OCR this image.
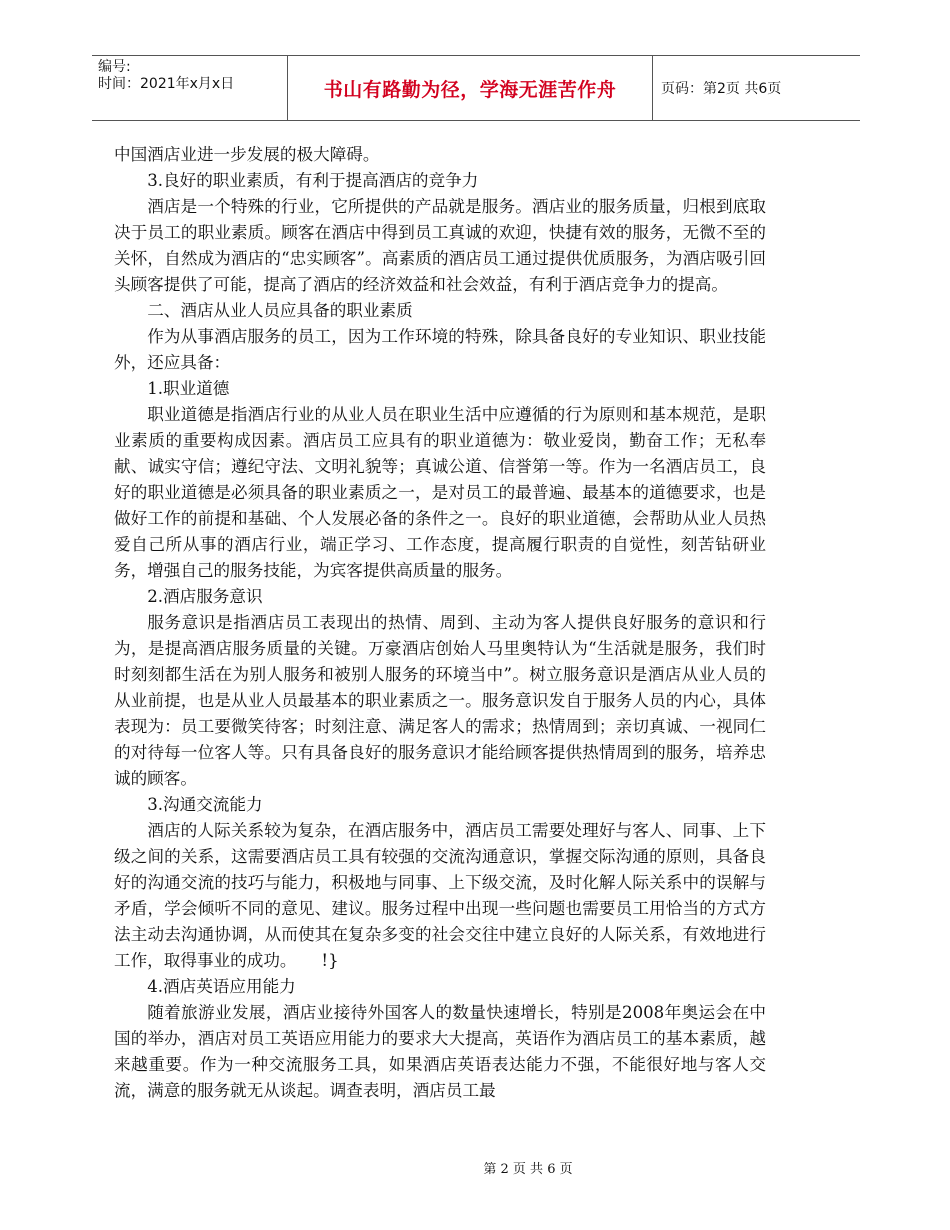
编号:
时间：2021年x月x日	书山有路勤为径，学海无涯苦作舟	页码：第2页 共6页

中国酒店业进一步发展的极大障碍。

3.良好的职业素质，有利于提高酒店的竞争力

酒店是一个特殊的行业，它所提供的产品就是服务。酒店业的服务质量，归根到底取决于员工的职业素质。顾客在酒店中得到员工真诚的欢迎，快捷有效的服务，无微不至的关怀，自然成为酒店的“忠实顾客”。高素质的酒店员工通过提供优质服务，为酒店吸引回头顾客提供了可能，提高了酒店的经济效益和社会效益，有利于酒店竞争力的提高。

二、酒店从业人员应具备的职业素质

作为从事酒店服务的员工，因为工作环境的特殊，除具备良好的专业知识、职业技能外，还应具备：

1.职业道德

职业道德是指酒店行业的从业人员在职业生活中应遵循的行为原则和基本规范，是职业素质的重要构成因素。酒店员工应具有的职业道德为：敬业爱岗，勤奋工作；无私奉献、诚实守信；遵纪守法、文明礼貌等；真诚公道、信誉第一等。作为一名酒店员工，良好的职业道德是必须具备的职业素质之一，是对员工的最普遍、最基本的道德要求，也是做好工作的前提和基础、个人发展必备的条件之一。良好的职业道德，会帮助从业人员热爱自己所从事的酒店行业，端正学习、工作态度，提高履行职责的自觉性，刻苦钻研业务，增强自己的服务技能，为宾客提供高质量的服务。

2.酒店服务意识

服务意识是指酒店员工表现出的热情、周到、主动为客人提供良好服务的意识和行为，是提高酒店服务质量的关键。万豪酒店创始人马里奥特认为“生活就是服务，我们时时刻刻都生活在为别人服务和被别人服务的环境当中”。树立服务意识是酒店从业人员的从业前提，也是从业人员最基本的职业素质之一。服务意识发自于服务人员的内心，具体表现为：员工要微笑待客；时刻注意、满足客人的需求；热情周到；亲切真诚、一视同仁的对待每一位客人等。只有具备良好的服务意识才能给顾客提供热情周到的服务，培养忠诚的顾客。

3.沟通交流能力

酒店的人际关系较为复杂，在酒店服务中，酒店员工需要处理好与客人、同事、上下级之间的关系，这需要酒店员工具有较强的交流沟通意识，掌握交际沟通的原则，具备良好的沟通交流的技巧与能力，积极地与同事、上下级交流，及时化解人际关系中的误解与矛盾，学会倾听不同的意见、建议。服务过程中出现一些问题也需要员工用恰当的方式方法主动去沟通协调，从而使其在复杂多变的社会交往中建立良好的人际关系，有效地进行工作，取得事业的成功。　　!}

4.酒店英语应用能力

随着旅游业发展，酒店业接待外国客人的数量快速增长，特别是2008年奥运会在中国的举办，酒店对员工英语应用能力的要求大大提高，英语作为酒店员工的基本素质，越来越重要。作为一种交流服务工具，如果酒店英语表达能力不强，不能很好地与客人交流，满意的服务就无从谈起。调查表明，酒店员工最

第 2 页 共 6 页
